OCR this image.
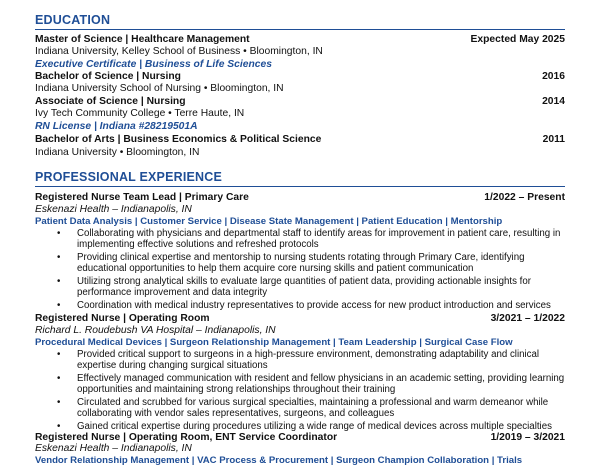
EDUCATION
Master of Science | Healthcare Management	Expected May 2025
Indiana University, Kelley School of Business • Bloomington, IN
Executive Certificate | Business of Life Sciences
Bachelor of Science | Nursing	2016
Indiana University School of Nursing • Bloomington, IN
Associate of Science | Nursing	2014
Ivy Tech Community College • Terre Haute, IN
RN License | Indiana #28219501A
Bachelor of Arts | Business Economics & Political Science	2011
Indiana University • Bloomington, IN
PROFESSIONAL EXPERIENCE
Registered Nurse Team Lead | Primary Care	1/2022 – Present
Eskenazi Health – Indianapolis, IN
Patient Data Analysis | Customer Service | Disease State Management | Patient Education | Mentorship
• Collaborating with physicians and departmental staff to identify areas for improvement in patient care, resulting in implementing effective solutions and refreshed protocols
• Providing clinical expertise and mentorship to nursing students rotating through Primary Care, identifying educational opportunities to help them acquire core nursing skills and patient communication
• Utilizing strong analytical skills to evaluate large quantities of patient data, providing actionable insights for performance improvement and data integrity
• Coordination with medical industry representatives to provide access for new product introduction and services
Registered Nurse | Operating Room	3/2021 – 1/2022
Richard L. Roudebush VA Hospital – Indianapolis, IN
Procedural Medical Devices | Surgeon Relationship Management | Team Leadership | Surgical Case Flow
• Provided critical support to surgeons in a high-pressure environment, demonstrating adaptability and clinical expertise during changing surgical situations
• Effectively managed communication with resident and fellow physicians in an academic setting, providing learning opportunities and maintaining strong relationships throughout their training
• Circulated and scrubbed for various surgical specialties, maintaining a professional and warm demeanor while collaborating with vendor sales representatives, surgeons, and colleagues
• Gained critical expertise during procedures utilizing a wide range of medical devices across multiple specialties
Registered Nurse | Operating Room, ENT Service Coordinator	1/2019 – 3/2021
Eskenazi Health – Indianapolis, IN
Vendor Relationship Management | VAC Process & Procurement | Surgeon Champion Collaboration | Trials
